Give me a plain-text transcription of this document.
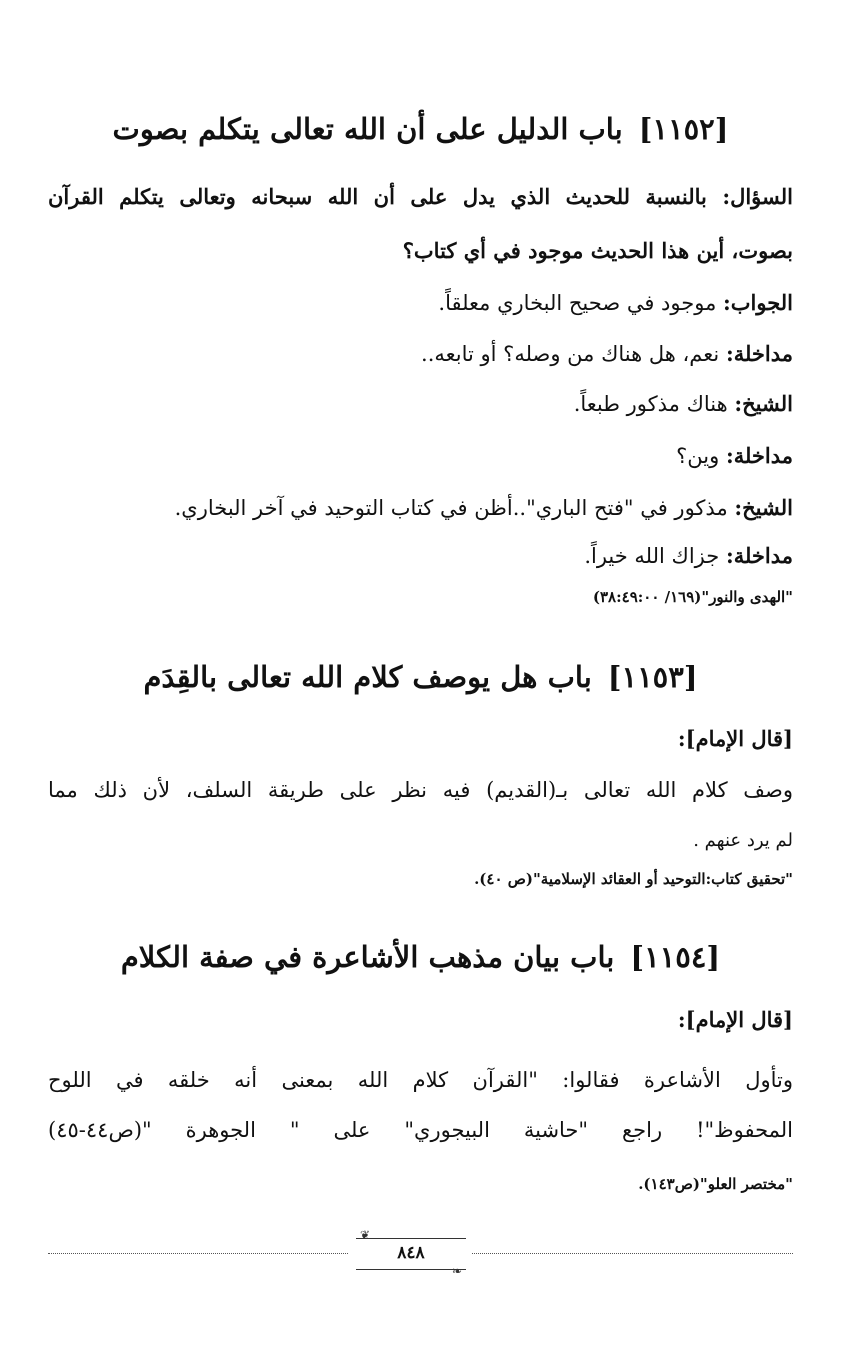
[١١٥٢]باب الدليل على أن الله تعالى يتكلم بصوت
السؤال: بالنسبة للحديث الذي يدل على أن الله سبحانه وتعالى يتكلم القرآن
بصوت، أين هذا الحديث موجود في أي كتاب؟
الجواب: موجود في صحيح البخاري معلقاً.
مداخلة: نعم، هل هناك من وصله؟ أو تابعه..
الشيخ: هناك مذكور طبعاً.
مداخلة: وين؟
الشيخ: مذكور في "فتح الباري"..أظن في كتاب التوحيد في آخر البخاري.
مداخلة: جزاك الله خيراً.
"الهدى والنور"(١٦٩/ ٣٨:٤٩:٠٠)
[١١٥٣]باب هل يوصف كلام الله تعالى بالقِدَم
[قال الإمام]:
وصف كلام الله تعالى بـ(القديم) فيه نظر على طريقة السلف، لأن ذلك مما
لم يرد عنهم .
"تحقيق كتاب:التوحيد أو العقائد الإسلامية"(ص ٤٠).
[١١٥٤]باب بيان مذهب الأشاعرة في صفة الكلام
[قال الإمام]:
وتأول الأشاعرة فقالوا: "القرآن كلام الله بمعنى أنه خلقه في اللوح
المحفوظ"! راجع "حاشية البيجوري" على " الجوهرة "(ص٤٤-٤٥)
"مختصر العلو"(ص١٤٣).
❦
❧
٨٤٨
